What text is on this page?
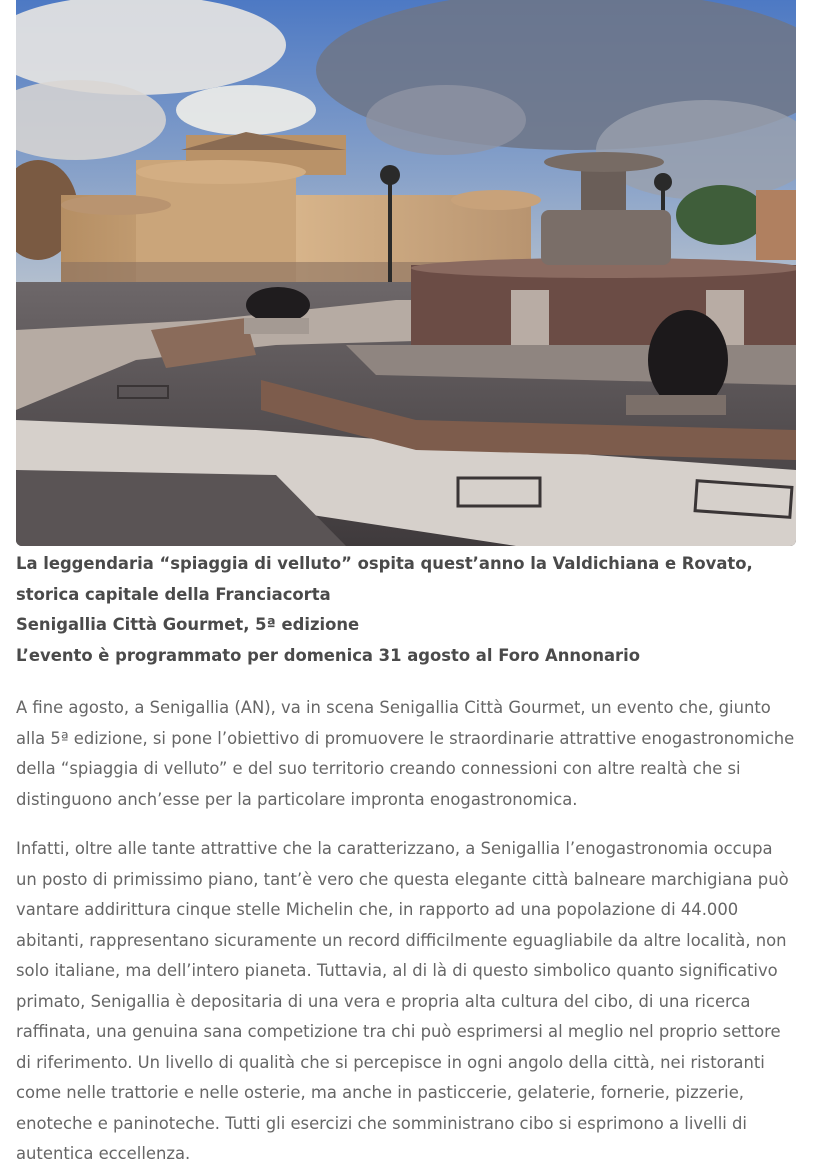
La leggendaria “spiaggia di velluto” ospita quest’anno la Valdichiana e Rovato, storica capitale della Franciacorta

Senigallia Città Gourmet, 5ª edizione

L’evento è programmato per domenica 31 agosto al Foro Annonario

A fine agosto, a Senigallia (AN), va in scena Senigallia Città Gourmet, un evento che, giunto alla 5ª edizione, si pone l’obiettivo di promuovere le straordinarie attrattive enogastronomiche della “spiaggia di velluto” e del suo territorio creando connessioni con altre realtà che si distinguono anch’esse per la particolare impronta enogastronomica.

Infatti, oltre alle tante attrattive che la caratterizzano, a Senigallia l’enogastronomia occupa un posto di primissimo piano, tant’è vero che questa elegante città balneare marchigiana può vantare addirittura cinque stelle Michelin che, in rapporto ad una popolazione di 44.000 abitanti, rappresentano sicuramente un record difficilmente eguagliabile da altre località, non solo italiane, ma dell’intero pianeta. Tuttavia, al di là di questo simbolico quanto significativo primato, Senigallia è depositaria di una vera e propria alta cultura del cibo, di una ricerca raffinata, una genuina sana competizione tra chi può esprimersi al meglio nel proprio settore di riferimento. Un livello di qualità che si percepisce in ogni angolo della città, nei ristoranti come nelle trattorie e nelle osterie, ma anche in pasticcerie, gelaterie, fornerie, pizzerie, enoteche e paninoteche. Tutti gli esercizi che somministrano cibo si esprimono a livelli di autentica eccellenza.
